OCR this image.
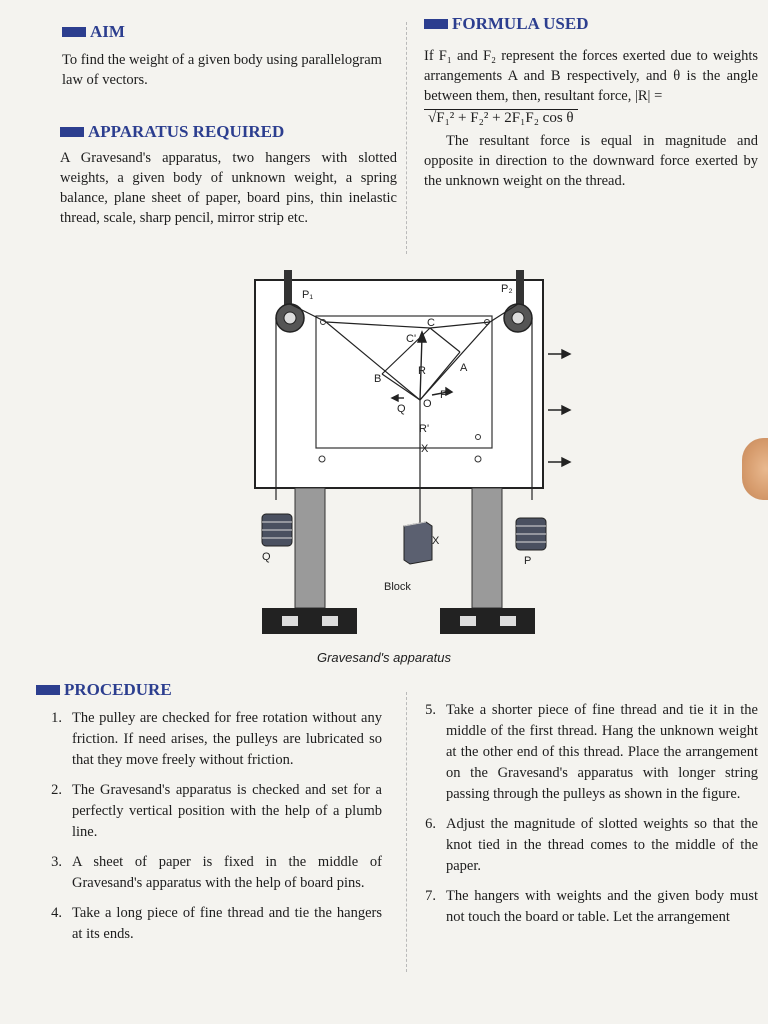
AIM

To find the weight of a given body using parallelogram law of vectors.

APPARATUS REQUIRED

A Gravesand's apparatus, two hangers with slotted weights, a given body of unknown weight, a spring balance, plane sheet of paper, board pins, thin inelastic thread, scale, sharp pencil, mirror strip etc.

FORMULA USED

If F₁ and F₂ represent the forces exerted due to weights arrangements A and B respectively, and θ is the angle between them, then, resultant force, |R| =

√F₁² + F₂² + 2F₁F₂ cos θ

The resultant force is equal in magnitude and opposite in direction to the downward force exerted by the unknown weight on the thread.

P₁	P₂
C
C'
A
B
R
P
Q O
R'
X
X
Q	P
Block
Gravesand's apparatus
PROCEDURE
1. The pulley are checked for free rotation without any friction. If need arises, the pulleys are lubricated so that they move freely without friction.
2. The Gravesand's apparatus is checked and set for a perfectly vertical position with the help of a plumb line.
3. A sheet of paper is fixed in the middle of Gravesand's apparatus with the help of board pins.
4. Take a long piece of fine thread and tie the hangers at its ends.
5. Take a shorter piece of fine thread and tie it in the middle of the first thread. Hang the unknown weight at the other end of this thread. Place the arrangement on the Gravesand's apparatus with longer string passing through the pulleys as shown in the figure.
6. Adjust the magnitude of slotted weights so that the knot tied in the thread comes to the middle of the paper.
7. The hangers with weights and the given body must not touch the board or table. Let the arrangement
